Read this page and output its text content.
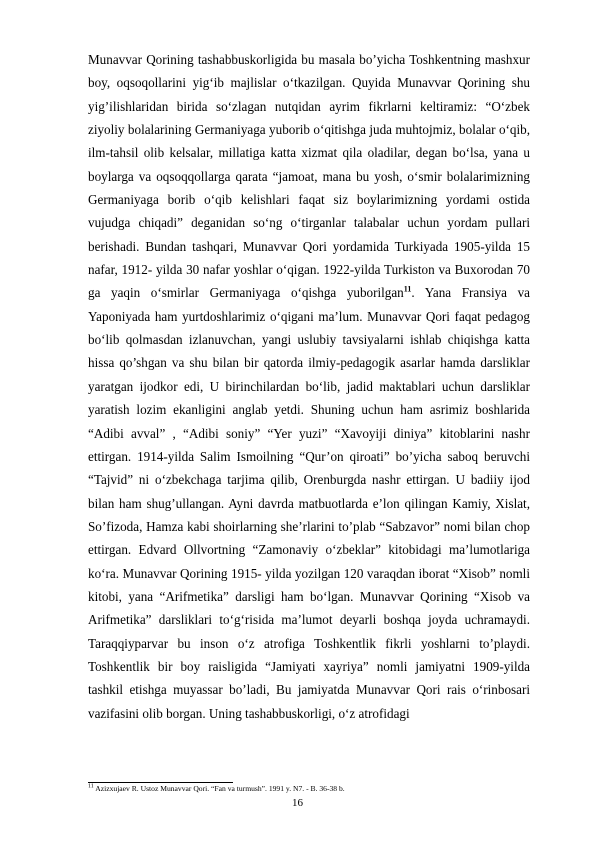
Munavvar Qorining tashabbuskorligida bu masala bo’yicha Toshkentning mashxur boy, oqsoqollarini yig‘ib majlislar o‘tkazilgan. Quyida Munavvar Qorining shu yig’ilishlaridan birida so‘zlagan nutqidan ayrim fikrlarni keltiramiz: “O‘zbek ziyoliy bolalarining Germaniyaga yuborib o‘qitishga juda muhtojmiz, bolalar o‘qib, ilm-tahsil olib kelsalar, millatiga katta xizmat qila oladilar, degan bo‘lsa, yana u boylarga va oqsoqqollarga qarata “jamoat, mana bu yosh, o‘smir bolalarimizning Germaniyaga borib o‘qib kelishlari faqat siz boylarimizning yordami ostida vujudga chiqadi” deganidan so‘ng o‘tirganlar talabalar uchun yordam pullari berishadi. Bundan tashqari, Munavvar Qori yordamida Turkiyada 1905-yilda 15 nafar, 1912- yilda 30 nafar yoshlar o‘qigan. 1922-yilda Turkiston va Buxorodan 70 ga yaqin o‘smirlar Germaniyaga o‘qishga yuborilgan$^{11}$. Yana Fransiya va Yaponiyada ham yurtdoshlarimiz o‘qigani ma’lum. Munavvar Qori faqat pedagog bo‘lib qolmasdan izlanuvchan, yangi uslubiy tavsiyalarni ishlab chiqishga katta hissa qo’shgan va shu bilan bir qatorda ilmiy-pedagogik asarlar hamda darsliklar yaratgan ijodkor edi, U birinchilardan bo‘lib, jadid maktablari uchun darsliklar yaratish lozim ekanligini anglab yetdi. Shuning uchun ham asrimiz boshlarida “Adibi avval” , “Adibi soniy” “Yer yuzi” “Xavoyiji diniya” kitoblarini nashr ettirgan. 1914-yilda Salim Ismoilning “Qur’on qiroati” bo’yicha saboq beruvchi “Tajvid” ni o‘zbekchaga tarjima qilib, Orenburgda nashr ettirgan. U badiiy ijod bilan ham shug’ullangan. Ayni davrda matbuotlarda e’lon qilingan Kamiy, Xislat, So’fizoda, Hamza kabi shoirlarning she’rlarini to’plab “Sabzavor” nomi bilan chop ettirgan. Edvard Ollvortning “Zamonaviy o‘zbeklar” kitobidagi ma’lumotlariga ko‘ra. Munavvar Qorining 1915- yilda yozilgan 120 varaqdan iborat “Xisob” nomli kitobi, yana “Arifmetika” darsligi ham bo‘lgan. Munavvar Qorining “Xisob va Arifmetika” darsliklari to‘g‘risida ma’lumot deyarli boshqa joyda uchramaydi. Taraqqiyparvar bu inson o‘z atrofiga Toshkentlik fikrli yoshlarni to’playdi. Toshkentlik bir boy raisligida “Jamiyati xayriya” nomli jamiyatni 1909-yilda tashkil etishga muyassar bo’ladi, Bu jamiyatda Munavvar Qori rais o‘rinbosari vazifasini olib borgan. Uning tashabbuskorligi, o‘z atrofidagi

$^{11}$ Azizxujaev R. Ustoz Munavvar Qori. “Fan va turmush”. 1991 y. N7. - B. 36-38 b.
16
